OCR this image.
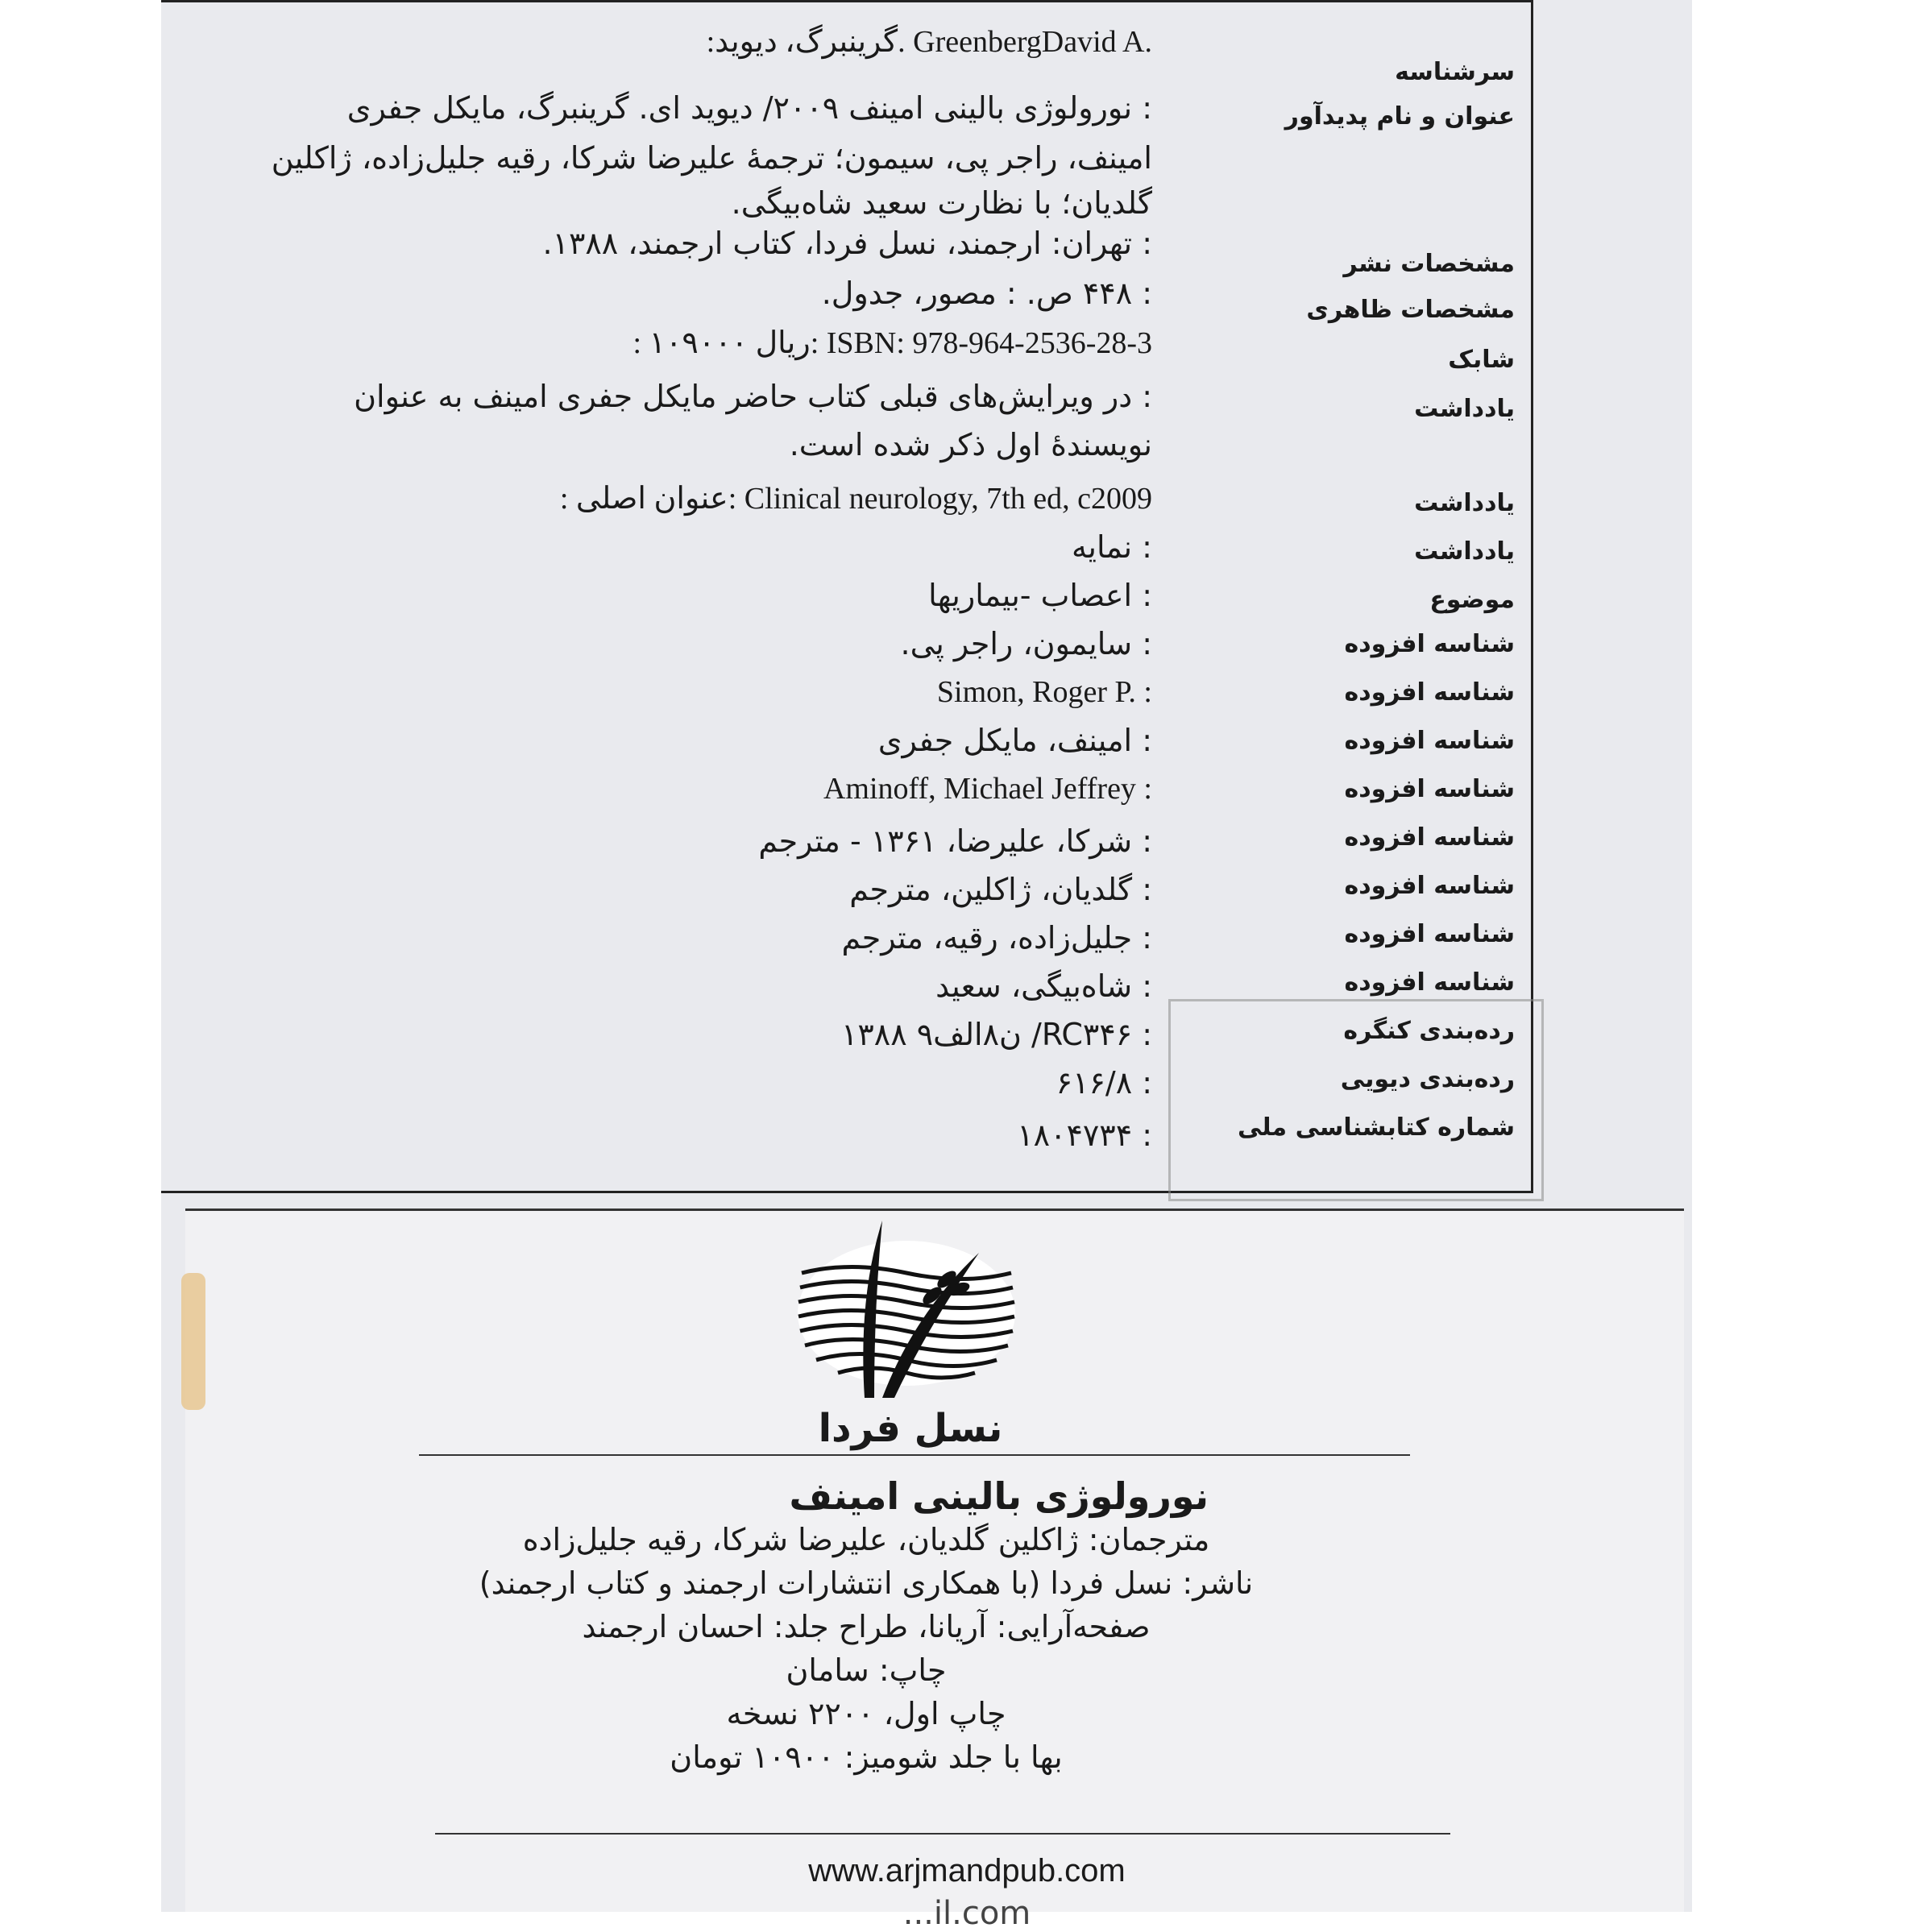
سرشناسه
:گرینبرگ، دیوید. GreenbergDavid A.
عنوان و نام پدیدآور
: نورولوژی بالینی امینف ۲۰۰۹/ دیوید ای. گرینبرگ، مایکل جفری
امینف، راجر پی، سیمون؛ ترجمهٔ علیرضا شرکا، رقیه جلیل‌زاده، ژاکلین
گلدیان؛ با نظارت سعید شاه‌بیگی.
مشخصات نشر
: تهران: ارجمند، نسل فردا، کتاب ارجمند، ۱۳۸۸.
مشخصات ظاهری
: ۴۴۸ ص. : مصور، جدول.
شابک
: ۱۰۹۰۰۰ ریال: ISBN: 978-964-2536-28-3
یادداشت
: در ویرایش‌های قبلی کتاب حاضر مایکل جفری امینف به عنوان
نویسندهٔ اول ذکر شده است.
یادداشت
: عنوان اصلی: Clinical neurology, 7th ed, c2009
یادداشت
: نمایه
موضوع
: اعصاب -بیماریها
شناسه افزوده
: سایمون، راجر پی.
شناسه افزوده
Simon, Roger P. :
شناسه افزوده
: امینف، مایکل جفری
شناسه افزوده
Aminoff, Michael Jeffrey :
شناسه افزوده
: شرکا، علیرضا، ۱۳۶۱ - مترجم
شناسه افزوده
: گلدیان، ژاکلین، مترجم
شناسه افزوده
: جلیل‌زاده، رقیه، مترجم
شناسه افزوده
: شاه‌بیگی، سعید
رده‌بندی کنگره
: RC۳۴۶/ ن۸الف۹ ۱۳۸۸
رده‌بندی دیویی
: ۶۱۶/۸
شماره کتابشناسی ملی
: ۱۸۰۴۷۳۴
نسل فردا
نورولوژی بالینی امینف
مترجمان: ژاکلین گلدیان، علیرضا شرکا، رقیه جلیل‌زاده
ناشر: نسل فردا (با همکاری انتشارات ارجمند و کتاب ارجمند)
صفحه‌آرایی: آریانا، طراح جلد: احسان ارجمند
چاپ: سامان
چاپ اول، ۲۲۰۰ نسخه
بها با جلد شومیز: ۱۰۹۰۰ تومان
www.arjmandpub.com
...il.com
